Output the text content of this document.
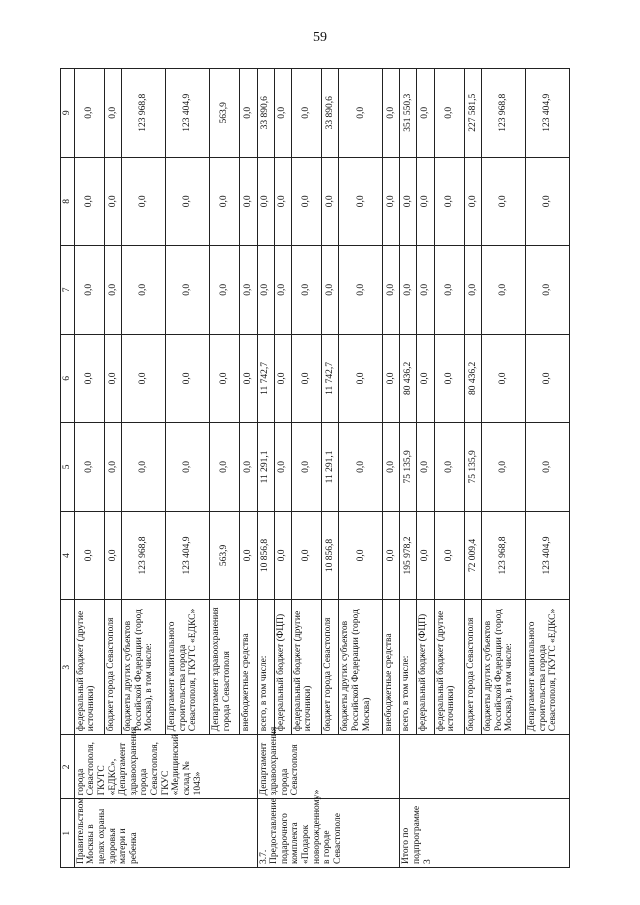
59
1	2	3	4	5	6	7	8	9
Правительством Москвы в целях охраны здоровья матери и ребенка	города Севастополя, ГКУГС «ЕДКС», Департамент здравоохранения города Севастополя, ГКУС «Медицинский склад № 1043»	федеральный бюджет (другие источники)	0,0	0,0	0,0	0,0	0,0	0,0
		бюджет города Севастополя	0,0	0,0	0,0	0,0	0,0	0,0
		бюджеты других субъектов Российской Федерации (город Москва), в том числе:	123 968,8	0,0	0,0	0,0	0,0	123 968,8
		Департамент капитального строительства города Севастополя, ГКУГС «ЕДКС»	123 404,9	0,0	0,0	0,0	0,0	123 404,9
		Департамент здравоохранения города Севастополя	563,9	0,0	0,0	0,0	0,0	563,9
		внебюджетные средства	0,0	0,0	0,0	0,0	0,0	0,0
3.7. Предоставление подарочного комплекта «Подарок новорожденному» в городе Севастополе	Департамент здравоохранения города Севастополя	всего, в том числе:	10 856,8	11 291,1	11 742,7	0,0	0,0	33 890,6
		федеральный бюджет (ФЦП)	0,0	0,0	0,0	0,0	0,0	0,0
		федеральный бюджет (другие источники)	0,0	0,0	0,0	0,0	0,0	0,0
		бюджет города Севастополя	10 856,8	11 291,1	11 742,7	0,0	0,0	33 890,6
		бюджеты других субъектов Российской Федерации (город Москва)	0,0	0,0	0,0	0,0	0,0	0,0
		внебюджетные средства	0,0	0,0	0,0	0,0	0,0	0,0
Итого по подпрограмме 3		всего, в том числе:	195 978,2	75 135,9	80 436,2	0,0	0,0	351 550,3
		федеральный бюджет (ФЦП)	0,0	0,0	0,0	0,0	0,0	0,0
		федеральный бюджет (другие источники)	0,0	0,0	0,0	0,0	0,0	0,0
		бюджет города Севастополя	72 009,4	75 135,9	80 436,2	0,0	0,0	227 581,5
		бюджеты других субъектов Российской Федерации (город Москва), в том числе:	123 968,8	0,0	0,0	0,0	0,0	123 968,8
		Департамент капитального строительства города Севастополя, ГКУГС «ЕДКС»	123 404,9	0,0	0,0	0,0	0,0	123 404,9
